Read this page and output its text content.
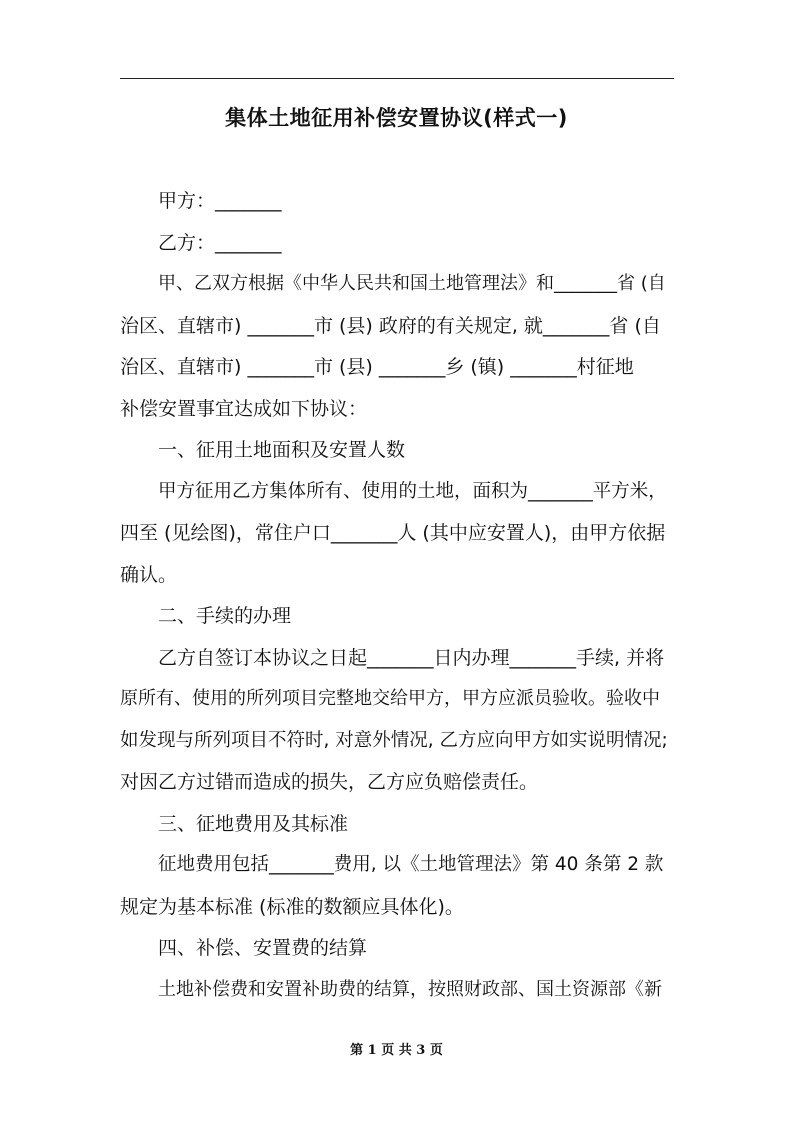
集体土地征用补偿安置协议(样式一)

甲方：_______

乙方：_______

甲、乙双方根据《中华人民共和国土地管理法》和_______省 (自

治区、直辖市) _______市 (县) 政府的有关规定, 就_______省 (自

治区、直辖市) _______市 (县) _______乡 (镇) _______村征地

补偿安置事宜达成如下协议：

一、征用土地面积及安置人数

甲方征用乙方集体所有、使用的土地，面积为_______平方米，

四至 (见绘图)，常住户口_______人 (其中应安置人)，由甲方依据

确认。

二、手续的办理

乙方自签订本协议之日起_______日内办理_______手续, 并将

原所有、使用的所列项目完整地交给甲方，甲方应派员验收。验收中

如发现与所列项目不符时, 对意外情况, 乙方应向甲方如实说明情况;

对因乙方过错而造成的损失，乙方应负赔偿责任。

三、征地费用及其标准

征地费用包括_______费用, 以《土地管理法》第 40 条第 2 款

规定为基本标准 (标准的数额应具体化)。

四、补偿、安置费的结算

土地补偿费和安置补助费的结算，按照财政部、国土资源部《新

第 1 页 共 3 页
